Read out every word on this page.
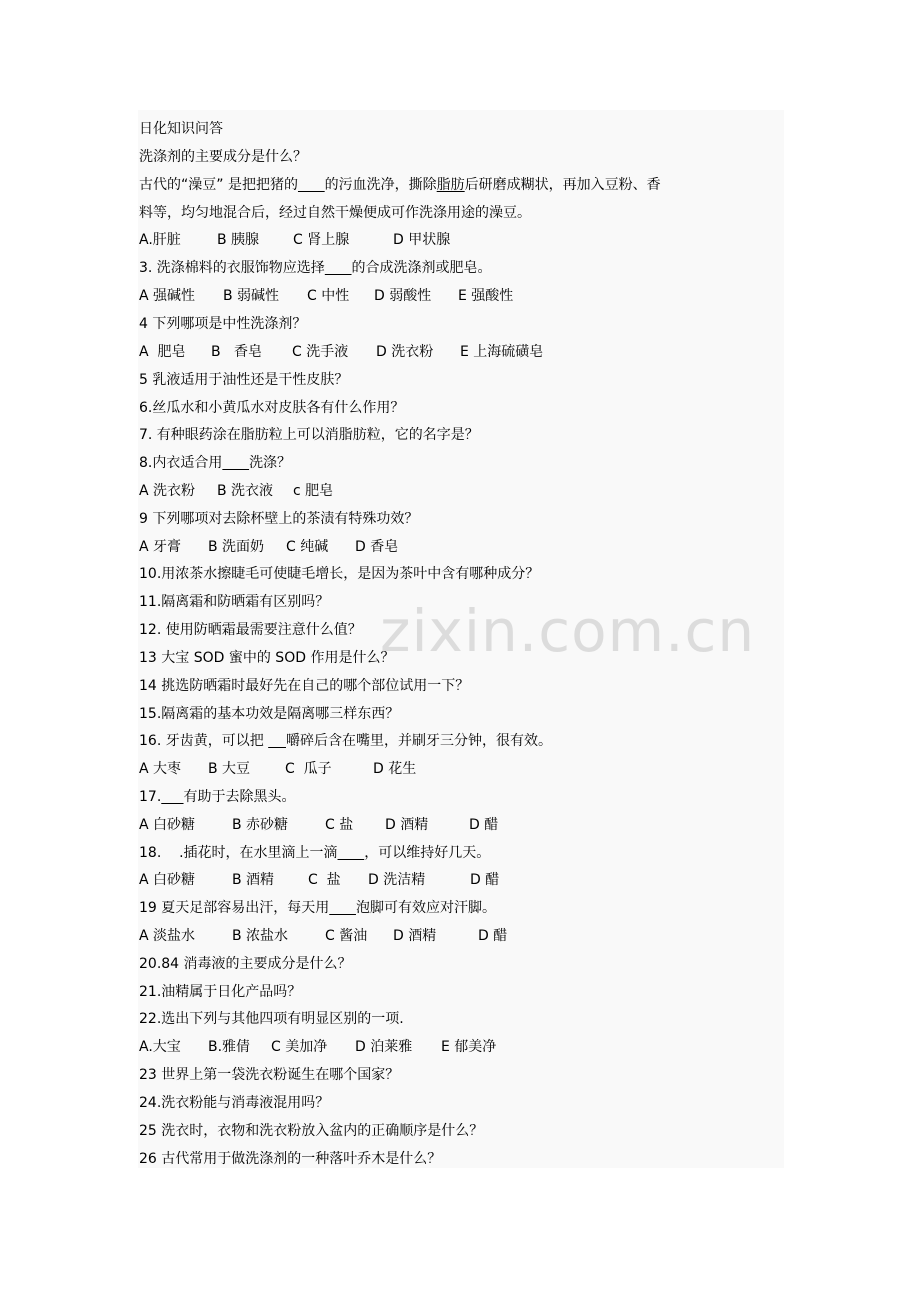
zixin.com.cn
日化知识问答
洗涤剂的主要成分是什么？
古代的“澡豆” 是把把猪的 的污血洗净，撕除脂肪后研磨成糊状，再加入豆粉、香
料等，均匀地混合后，经过自然干燥便成可作洗涤用途的澡豆。
A.肝脏	B 胰腺 C 肾上腺	D 甲状腺
3. 洗涤棉料的衣服饰物应选择 的合成洗涤剂或肥皂。
A 强碱性 B 弱碱性 C 中性 D 弱酸性 E 强酸性
4 下列哪项是中性洗涤剂？
A  肥皂 B   香皂 C 洗手液 D 洗衣粉 E 上海硫磺皂
5 乳液适用于油性还是干性皮肤？
6.丝瓜水和小黄瓜水对皮肤各有什么作用？
7. 有种眼药涂在脂肪粒上可以消脂肪粒，它的名字是？
8.内衣适合用 洗涤？
A 洗衣粉 B 洗衣液 c 肥皂
9 下列哪项对去除杯壁上的茶渍有特殊功效？
A 牙膏 B 洗面奶 C 纯碱 D 香皂
10.用浓茶水擦睫毛可使睫毛增长，是因为茶叶中含有哪种成分？
11.隔离霜和防晒霜有区别吗？
12. 使用防晒霜最需要注意什么值？
13 大宝 SOD 蜜中的 SOD 作用是什么？
14 挑选防晒霜时最好先在自己的哪个部位试用一下？
15.隔离霜的基本功效是隔离哪三样东西？
16. 牙齿黄，可以把     嚼碎后含在嘴里，并刷牙三分钟，很有效。
A 大枣 B 大豆 C  瓜子	D 花生
17. 有助于去除黑头。
A 白砂糖	B 赤砂糖	C 盐 D 酒精	D 醋
18.    .插花时，在水里滴上一滴 ，可以维持好几天。
A 白砂糖	B 酒精 C  盐 D 洗洁精	D 醋
19 夏天足部容易出汗，每天用 泡脚可有效应对汗脚。
A 淡盐水	B 浓盐水	C 酱油 D 酒精	D 醋
20.84 消毒液的主要成分是什么？
21.油精属于日化产品吗？
22.选出下列与其他四项有明显区别的一项.
A.大宝 B.雅倩 C 美加净 D 泊莱雅 E 郁美净
23 世界上第一袋洗衣粉诞生在哪个国家？
24.洗衣粉能与消毒液混用吗？
25 洗衣时，衣物和洗衣粉放入盆内的正确顺序是什么？
26 古代常用于做洗涤剂的一种落叶乔木是什么？
